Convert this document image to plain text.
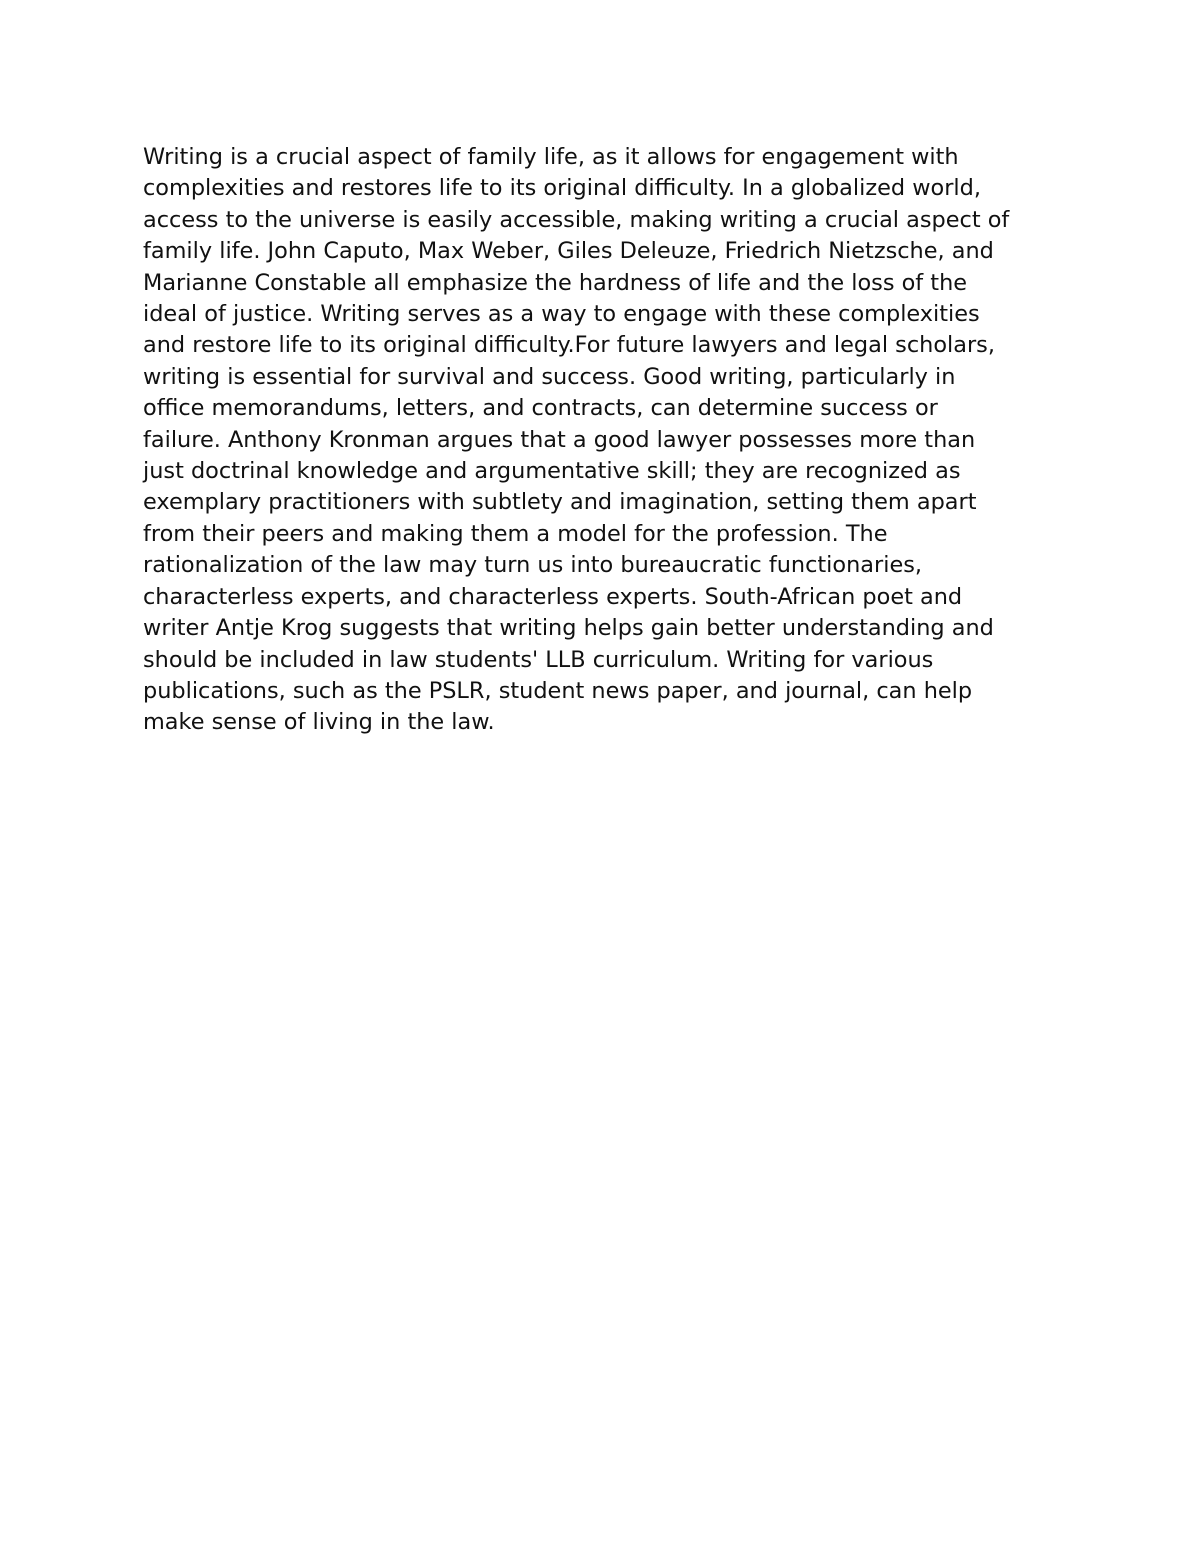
Writing is a crucial aspect of family life, as it allows for engagement with
complexities and restores life to its original difficulty. In a globalized world,
access to the universe is easily accessible, making writing a crucial aspect of
family life. John Caputo, Max Weber, Giles Deleuze, Friedrich Nietzsche, and
Marianne Constable all emphasize the hardness of life and the loss of the
ideal of justice. Writing serves as a way to engage with these complexities
and restore life to its original difficulty.For future lawyers and legal scholars,
writing is essential for survival and success. Good writing, particularly in
office memorandums, letters, and contracts, can determine success or
failure. Anthony Kronman argues that a good lawyer possesses more than
just doctrinal knowledge and argumentative skill; they are recognized as
exemplary practitioners with subtlety and imagination, setting them apart
from their peers and making them a model for the profession. The
rationalization of the law may turn us into bureaucratic functionaries,
characterless experts, and characterless experts. South-African poet and
writer Antje Krog suggests that writing helps gain better understanding and
should be included in law students' LLB curriculum. Writing for various
publications, such as the PSLR, student news paper, and journal, can help
make sense of living in the law.
